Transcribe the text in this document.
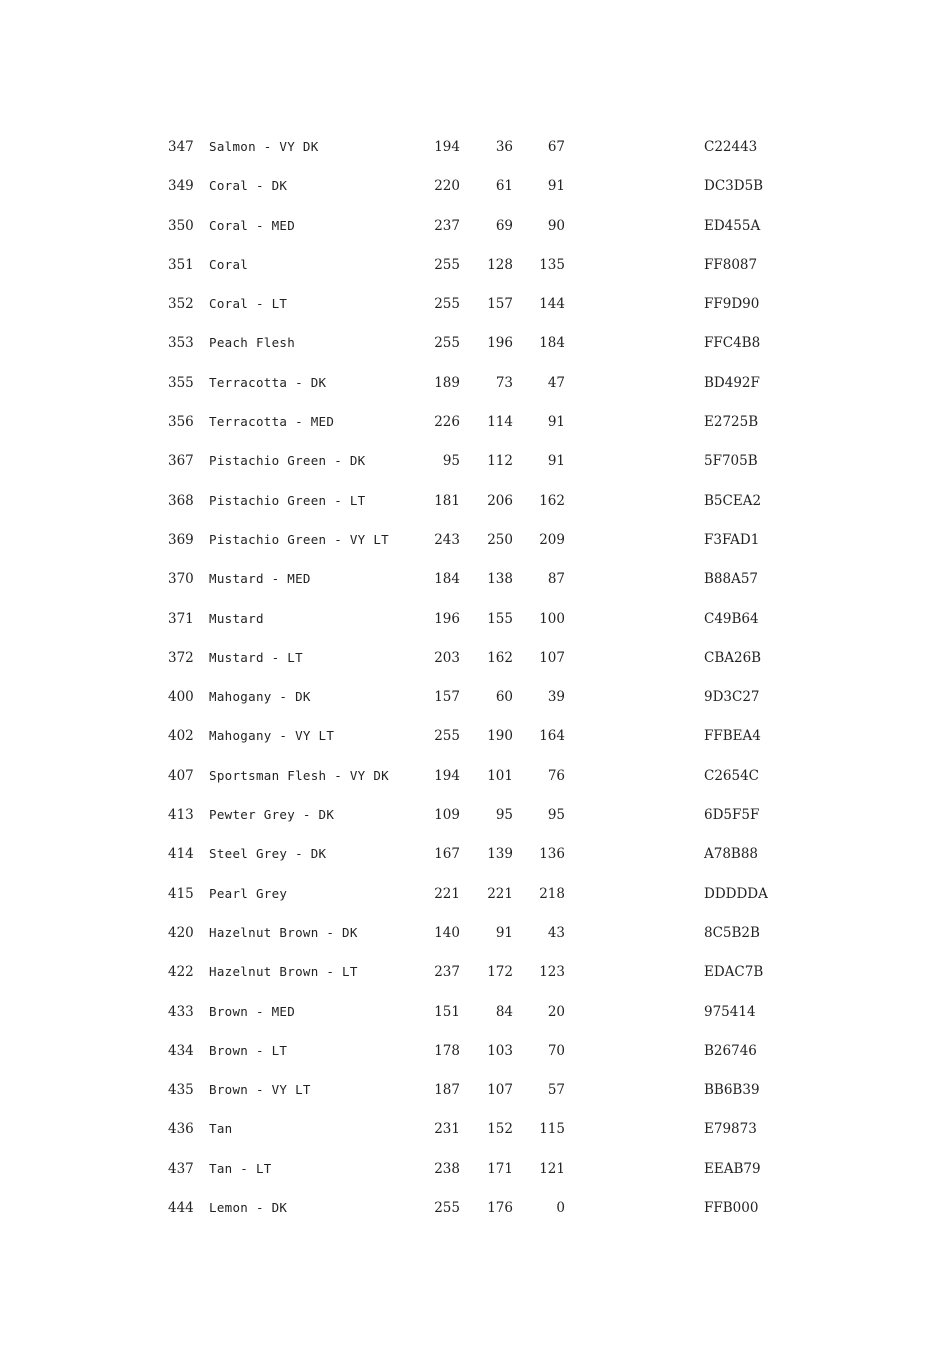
347 Salmon - VY DK	194	36	67	C22443
349 Coral - DK	220	61	91	DC3D5B
350 Coral - MED	237	69	90	ED455A
351 Coral	255	128	135	FF8087
352 Coral - LT	255	157	144	FF9D90
353 Peach Flesh	255	196	184	FFC4B8
355 Terracotta - DK	189	73	47	BD492F
356 Terracotta - MED	226	114	91	E2725B
367 Pistachio Green - DK	95	112	91	5F705B
368 Pistachio Green - LT	181	206	162	B5CEA2
369 Pistachio Green - VY LT	243	250	209	F3FAD1
370 Mustard - MED	184	138	87	B88A57
371 Mustard	196	155	100	C49B64
372 Mustard - LT	203	162	107	CBA26B
400 Mahogany - DK	157	60	39	9D3C27
402 Mahogany - VY LT	255	190	164	FFBEA4
407 Sportsman Flesh - VY DK	194	101	76	C2654C
413 Pewter Grey - DK	109	95	95	6D5F5F
414 Steel Grey - DK	167	139	136	A78B88
415 Pearl Grey	221	221	218	DDDDDA
420 Hazelnut Brown - DK	140	91	43	8C5B2B
422 Hazelnut Brown - LT	237	172	123	EDAC7B
433 Brown - MED	151	84	20	975414
434 Brown - LT	178	103	70	B26746
435 Brown - VY LT	187	107	57	BB6B39
436 Tan	231	152	115	E79873
437 Tan - LT	238	171	121	EEAB79
444 Lemon - DK	255	176	0	FFB000
